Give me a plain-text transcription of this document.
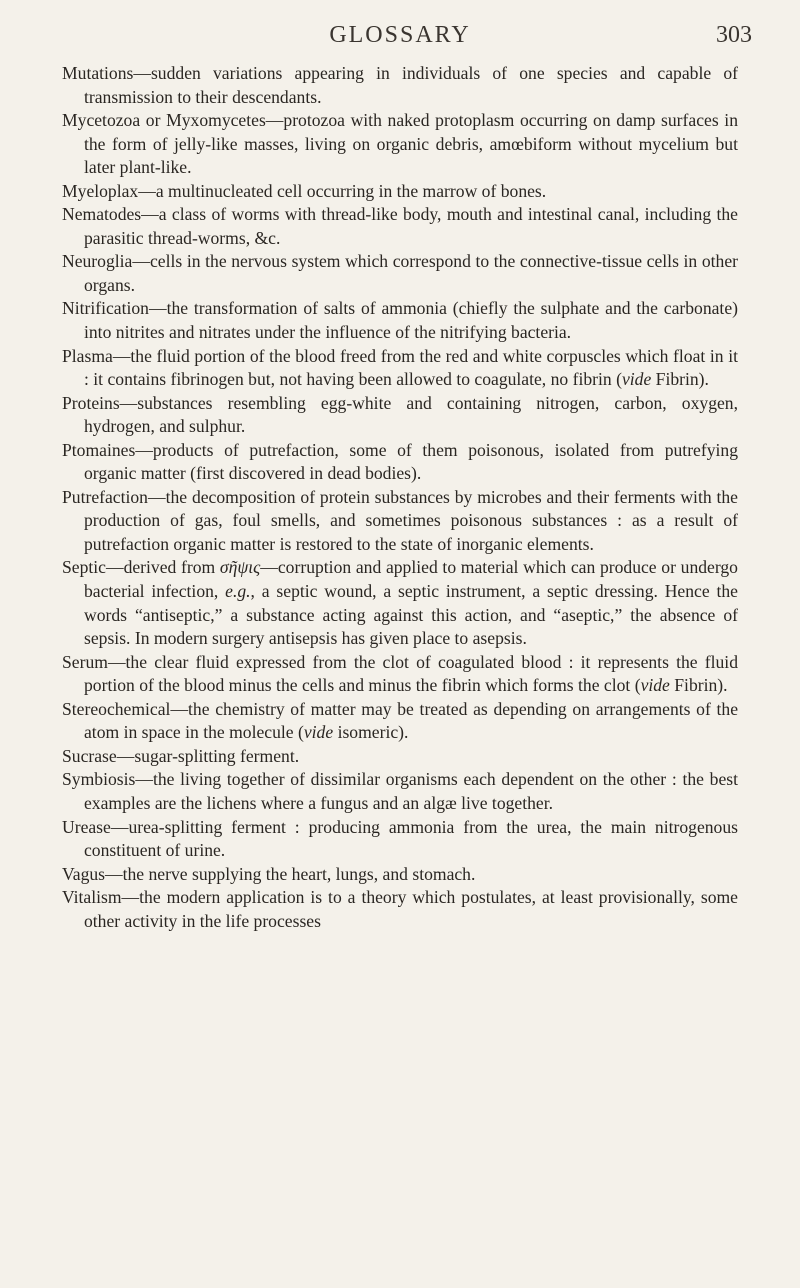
GLOSSARY	303

Mutations—sudden variations appearing in individuals of one species and capable of transmission to their descendants.

Mycetozoa or Myxomycetes—protozoa with naked protoplasm occurring on damp surfaces in the form of jelly-like masses, living on organic debris, amœbiform without mycelium but later plant-like.

Myeloplax—a multinucleated cell occurring in the marrow of bones.

Nematodes—a class of worms with thread-like body, mouth and intestinal canal, including the parasitic thread-worms, &c.

Neuroglia—cells in the nervous system which correspond to the connective-tissue cells in other organs.

Nitrification—the transformation of salts of ammonia (chiefly the sulphate and the carbonate) into nitrites and nitrates under the influence of the nitrifying bacteria.

Plasma—the fluid portion of the blood freed from the red and white corpuscles which float in it : it contains fibrinogen but, not having been allowed to coagulate, no fibrin (vide Fibrin).

Proteins—substances resembling egg-white and containing nitrogen, carbon, oxygen, hydrogen, and sulphur.

Ptomaines—products of putrefaction, some of them poisonous, isolated from putrefying organic matter (first discovered in dead bodies).

Putrefaction—the decomposition of protein substances by microbes and their ferments with the production of gas, foul smells, and sometimes poisonous substances : as a result of putrefaction organic matter is restored to the state of inorganic elements.

Septic—derived from σῆψις—corruption and applied to material which can produce or undergo bacterial infection, e.g., a septic wound, a septic instrument, a septic dressing. Hence the words “antiseptic,” a substance acting against this action, and “aseptic,” the absence of sepsis. In modern surgery antisepsis has given place to asepsis.

Serum—the clear fluid expressed from the clot of coagulated blood : it represents the fluid portion of the blood minus the cells and minus the fibrin which forms the clot (vide Fibrin).

Stereochemical—the chemistry of matter may be treated as depending on arrangements of the atom in space in the molecule (vide isomeric).

Sucrase—sugar-splitting ferment.

Symbiosis—the living together of dissimilar organisms each dependent on the other : the best examples are the lichens where a fungus and an algæ live together.

Urease—urea-splitting ferment : producing ammonia from the urea, the main nitrogenous constituent of urine.

Vagus—the nerve supplying the heart, lungs, and stomach.

Vitalism—the modern application is to a theory which postulates, at least provisionally, some other activity in the life processes
